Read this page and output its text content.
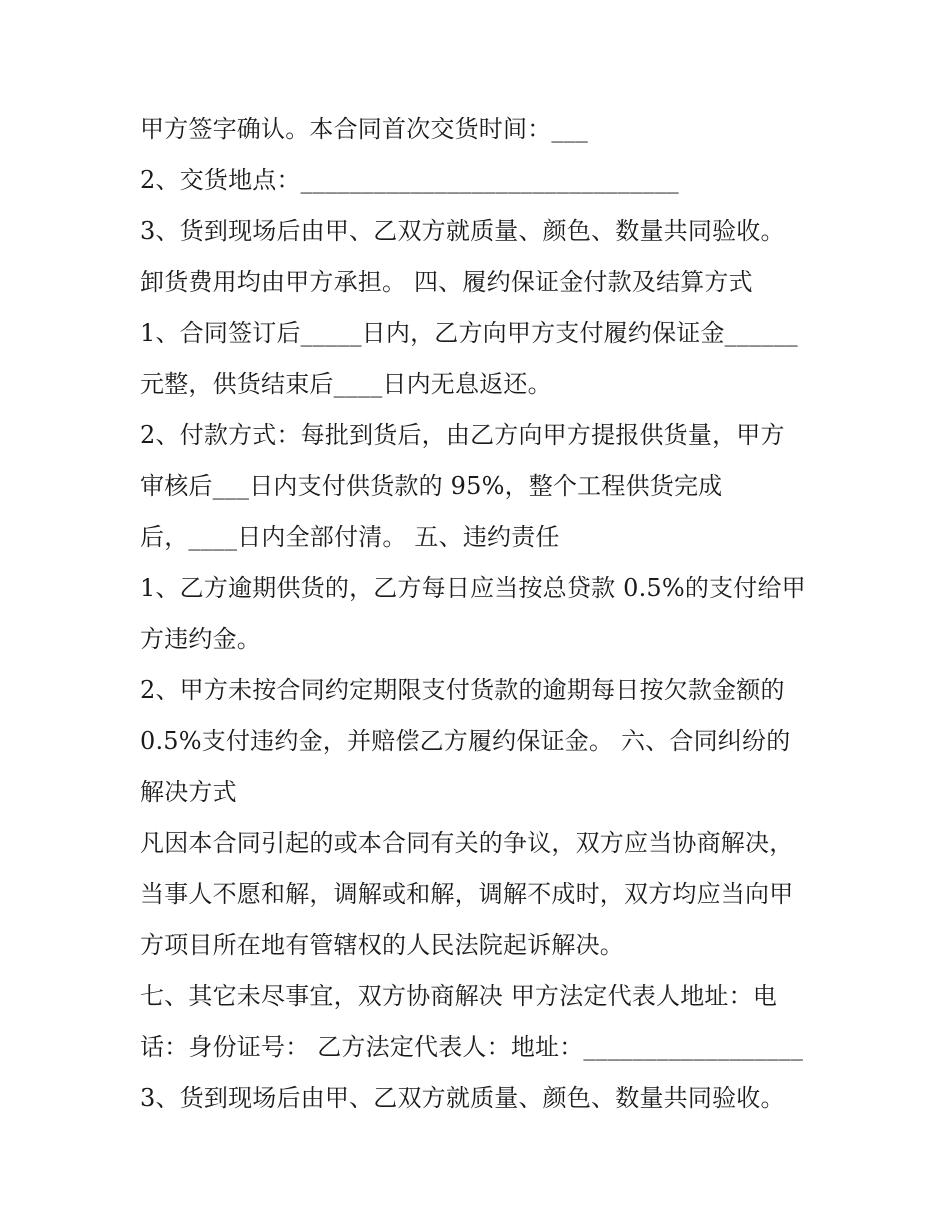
甲方签字确认。本合同首次交货时间：___
2、交货地点：_______________________________
3、货到现场后由甲、乙双方就质量、颜色、数量共同验收。
卸货费用均由甲方承担。 四、履约保证金付款及结算方式
1、合同签订后_____日内，乙方向甲方支付履约保证金______
元整，供货结束后____日内无息返还。
2、付款方式：每批到货后，由乙方向甲方提报供货量，甲方
审核后___日内支付供货款的 95%，整个工程供货完成
后，____日内全部付清。 五、违约责任
1、乙方逾期供货的，乙方每日应当按总贷款 0.5%的支付给甲
方违约金。
2、甲方未按合同约定期限支付货款的逾期每日按欠款金额的
0.5%支付违约金，并赔偿乙方履约保证金。 六、合同纠纷的
解决方式
凡因本合同引起的或本合同有关的争议，双方应当协商解决，
当事人不愿和解，调解或和解，调解不成时，双方均应当向甲
方项目所在地有管辖权的人民法院起诉解决。
七、其它未尽事宜，双方协商解决 甲方法定代表人地址：电
话：身份证号： 乙方法定代表人：地址：__________________
3、货到现场后由甲、乙双方就质量、颜色、数量共同验收。
